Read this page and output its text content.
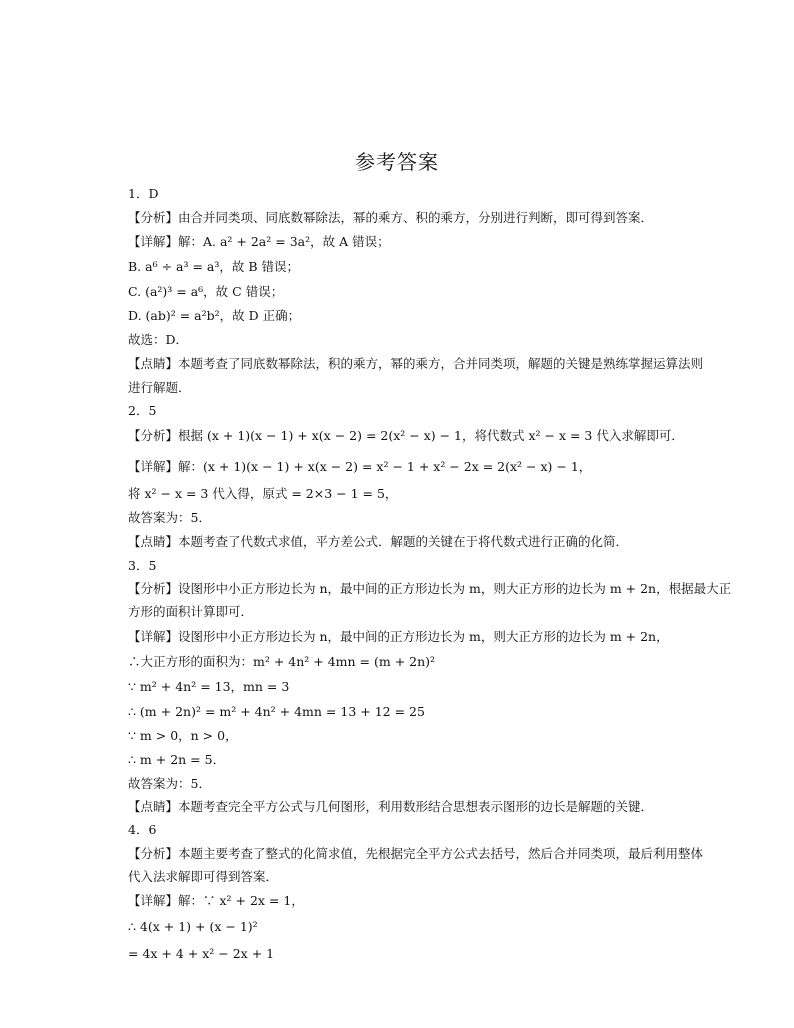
参考答案
1．D
【分析】由合并同类项、同底数幂除法，幂的乘方、积的乘方，分别进行判断，即可得到答案．
【详解】解：A. a² + 2a² = 3a²，故 A 错误；
B. a⁶ ÷ a³ = a³，故 B 错误；
C. (a²)³ = a⁶，故 C 错误；
D. (ab)² = a²b²，故 D 正确；
故选：D．
【点睛】本题考查了同底数幂除法，积的乘方，幂的乘方，合并同类项，解题的关键是熟练掌握运算法则
进行解题．
2．5
【分析】根据 (x + 1)(x − 1) + x(x − 2) = 2(x² − x) − 1，将代数式 x² − x = 3 代入求解即可．
【详解】解：(x + 1)(x − 1) + x(x − 2) = x² − 1 + x² − 2x = 2(x² − x) − 1，
将 x² − x = 3 代入得，原式 = 2×3 − 1 = 5，
故答案为：5．
【点睛】本题考查了代数式求值，平方差公式．解题的关键在于将代数式进行正确的化简．
3．5
【分析】设图形中小正方形边长为 n，最中间的正方形边长为 m，则大正方形的边长为 m + 2n，根据最大正
方形的面积计算即可．
【详解】设图形中小正方形边长为 n，最中间的正方形边长为 m，则大正方形的边长为 m + 2n，
∴大正方形的面积为：m² + 4n² + 4mn = (m + 2n)²
∵ m² + 4n² = 13，mn = 3
∴ (m + 2n)² = m² + 4n² + 4mn = 13 + 12 = 25
∵ m > 0，n > 0，
∴ m + 2n = 5．
故答案为：5．
【点睛】本题考查完全平方公式与几何图形，利用数形结合思想表示图形的边长是解题的关键．
4．6
【分析】本题主要考查了整式的化简求值，先根据完全平方公式去括号，然后合并同类项，最后利用整体
代入法求解即可得到答案．
【详解】解：∵ x² + 2x = 1，
∴ 4(x + 1) + (x − 1)²
= 4x + 4 + x² − 2x + 1
